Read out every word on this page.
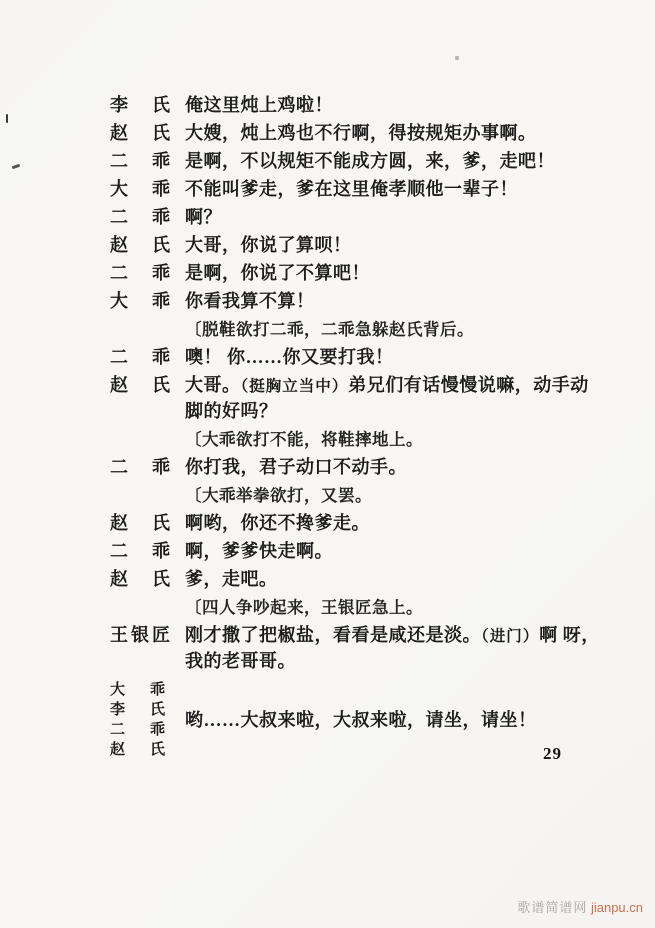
李　氏 俺这里炖上鸡啦！
赵　氏 大嫂，炖上鸡也不行啊，得按规矩办事啊。
二　乖 是啊，不以规矩不能成方圆，来，爹，走吧！
大　乖 不能叫爹走，爹在这里俺孝顺他一辈子！
二　乖 啊？
赵　氏 大哥，你说了算呗！
二　乖 是啊，你说了不算吧！
大　乖 你看我算不算！
〔脱鞋欲打二乖，二乖急躲赵氏背后。
二　乖 噢！ 你……你又要打我！
赵　氏 大哥。（挺胸立当中）弟兄们有话慢慢说嘛，动手动
脚的好吗？
〔大乖欲打不能，将鞋摔地上。
二　乖 你打我，君子动口不动手。
〔大乖举拳欲打，又罢。
赵　氏 啊哟，你还不搀爹走。
二　乖 啊，爹爹快走啊。
赵　氏 爹，走吧。
〔四人争吵起来，王银匠急上。
王银匠 刚才撒了把椒盐，看看是咸还是淡。（进门）啊 呀，
我的老哥哥。
大　乖
李　氏
二　乖
赵　氏
哟……大叔来啦，大叔来啦，请坐，请坐！
29
歌谱简谱网 jianpu.cn
